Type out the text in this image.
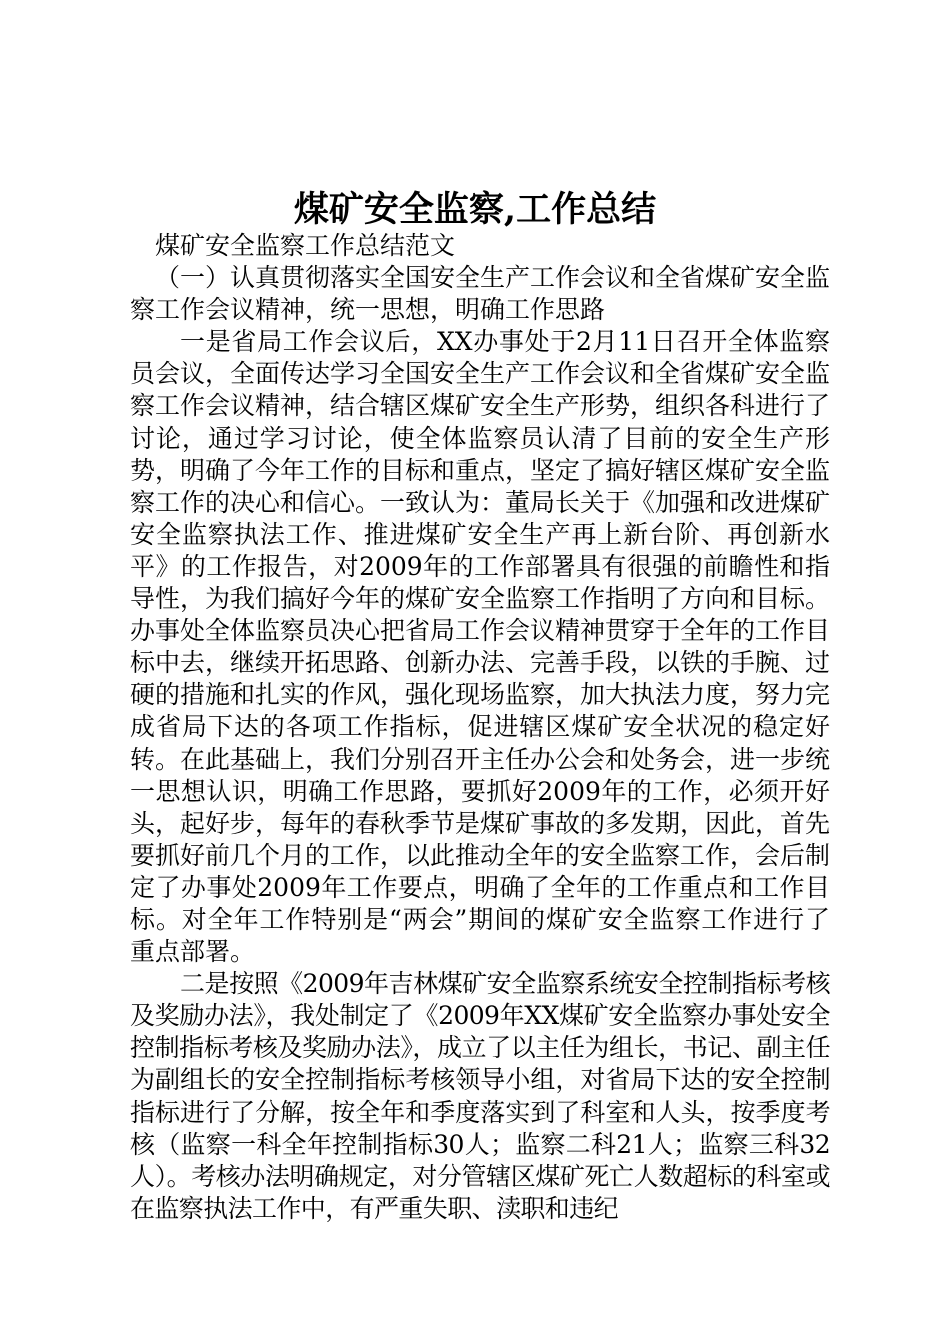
煤矿安全监察,工作总结

煤矿安全监察工作总结范文

（一）认真贯彻落实全国安全生产工作会议和全省煤矿安全监察工作会议精神，统一思想，明确工作思路

一是省局工作会议后，XX办事处于2月11日召开全体监察员会议，全面传达学习全国安全生产工作会议和全省煤矿安全监察工作会议精神，结合辖区煤矿安全生产形势，组织各科进行了讨论，通过学习讨论，使全体监察员认清了目前的安全生产形势，明确了今年工作的目标和重点，坚定了搞好辖区煤矿安全监察工作的决心和信心。一致认为：董局长关于《加强和改进煤矿安全监察执法工作、推进煤矿安全生产再上新台阶、再创新水平》的工作报告，对2009年的工作部署具有很强的前瞻性和指导性，为我们搞好今年的煤矿安全监察工作指明了方向和目标。办事处全体监察员决心把省局工作会议精神贯穿于全年的工作目标中去，继续开拓思路、创新办法、完善手段，以铁的手腕、过硬的措施和扎实的作风，强化现场监察，加大执法力度，努力完成省局下达的各项工作指标，促进辖区煤矿安全状况的稳定好转。在此基础上，我们分别召开主任办公会和处务会，进一步统一思想认识，明确工作思路，要抓好2009年的工作，必须开好头，起好步，每年的春秋季节是煤矿事故的多发期，因此，首先要抓好前几个月的工作，以此推动全年的安全监察工作，会后制定了办事处2009年工作要点，明确了全年的工作重点和工作目标。对全年工作特别是“两会”期间的煤矿安全监察工作进行了重点部署。

二是按照《2009年吉林煤矿安全监察系统安全控制指标考核及奖励办法》，我处制定了《2009年XX煤矿安全监察办事处安全控制指标考核及奖励办法》，成立了以主任为组长，书记、副主任为副组长的安全控制指标考核领导小组，对省局下达的安全控制指标进行了分解，按全年和季度落实到了科室和人头，按季度考核（监察一科全年控制指标30人；监察二科21人；监察三科32人）。考核办法明确规定，对分管辖区煤矿死亡人数超标的科室或在监察执法工作中，有严重失职、渎职和违纪
